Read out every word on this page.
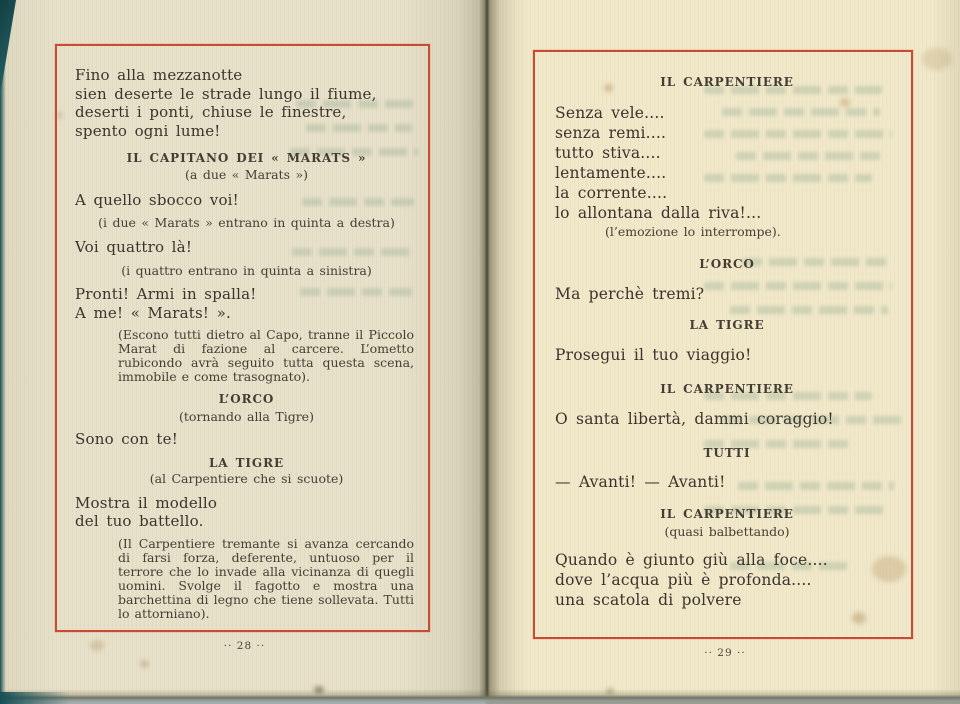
Fino alla mezzanotte
sien deserte le strade lungo il fiume,
deserti i ponti, chiuse le finestre,
spento ogni lume!
IL CAPITANO DEI « MARATS »
(a due « Marats »)
A quello sbocco voi!
(i due « Marats » entrano in quinta a destra)
Voi quattro là!
(i quattro entrano in quinta a sinistra)
Pronti! Armi in spalla!
A me! « Marats! ».
(Escono tutti dietro al Capo, tranne il Piccolo Marat di fazione al carcere. L’ometto rubicondo avrà seguito tutta questa scena, immobile e come trasognato).
L’ORCO
(tornando alla Tigre)
Sono con te!
LA TIGRE
(al Carpentiere che si scuote)
Mostra il modello
del tuo battello.
(Il Carpentiere tremante si avanza cercando di farsi forza, deferente, untuoso per il terrore che lo invade alla vicinanza di quegli uomini. Svolge il fagotto e mostra una barchettina di legno che tiene sollevata. Tutti lo attorniano).
·· 28 ··
IL CARPENTIERE
Senza vele....
senza remi....
tutto stiva....
lentamente....
la corrente....
lo allontana dalla riva!...
(l’emozione lo interrompe).
L’ORCO
Ma perchè tremi?
LA TIGRE
Prosegui il tuo viaggio!
IL CARPENTIERE
O santa libertà, dammi coraggio!
TUTTI
— Avanti! — Avanti!
IL CARPENTIERE
(quasi balbettando)
Quando è giunto giù alla foce....
dove l’acqua più è profonda....
una scatola di polvere
·· 29 ··
